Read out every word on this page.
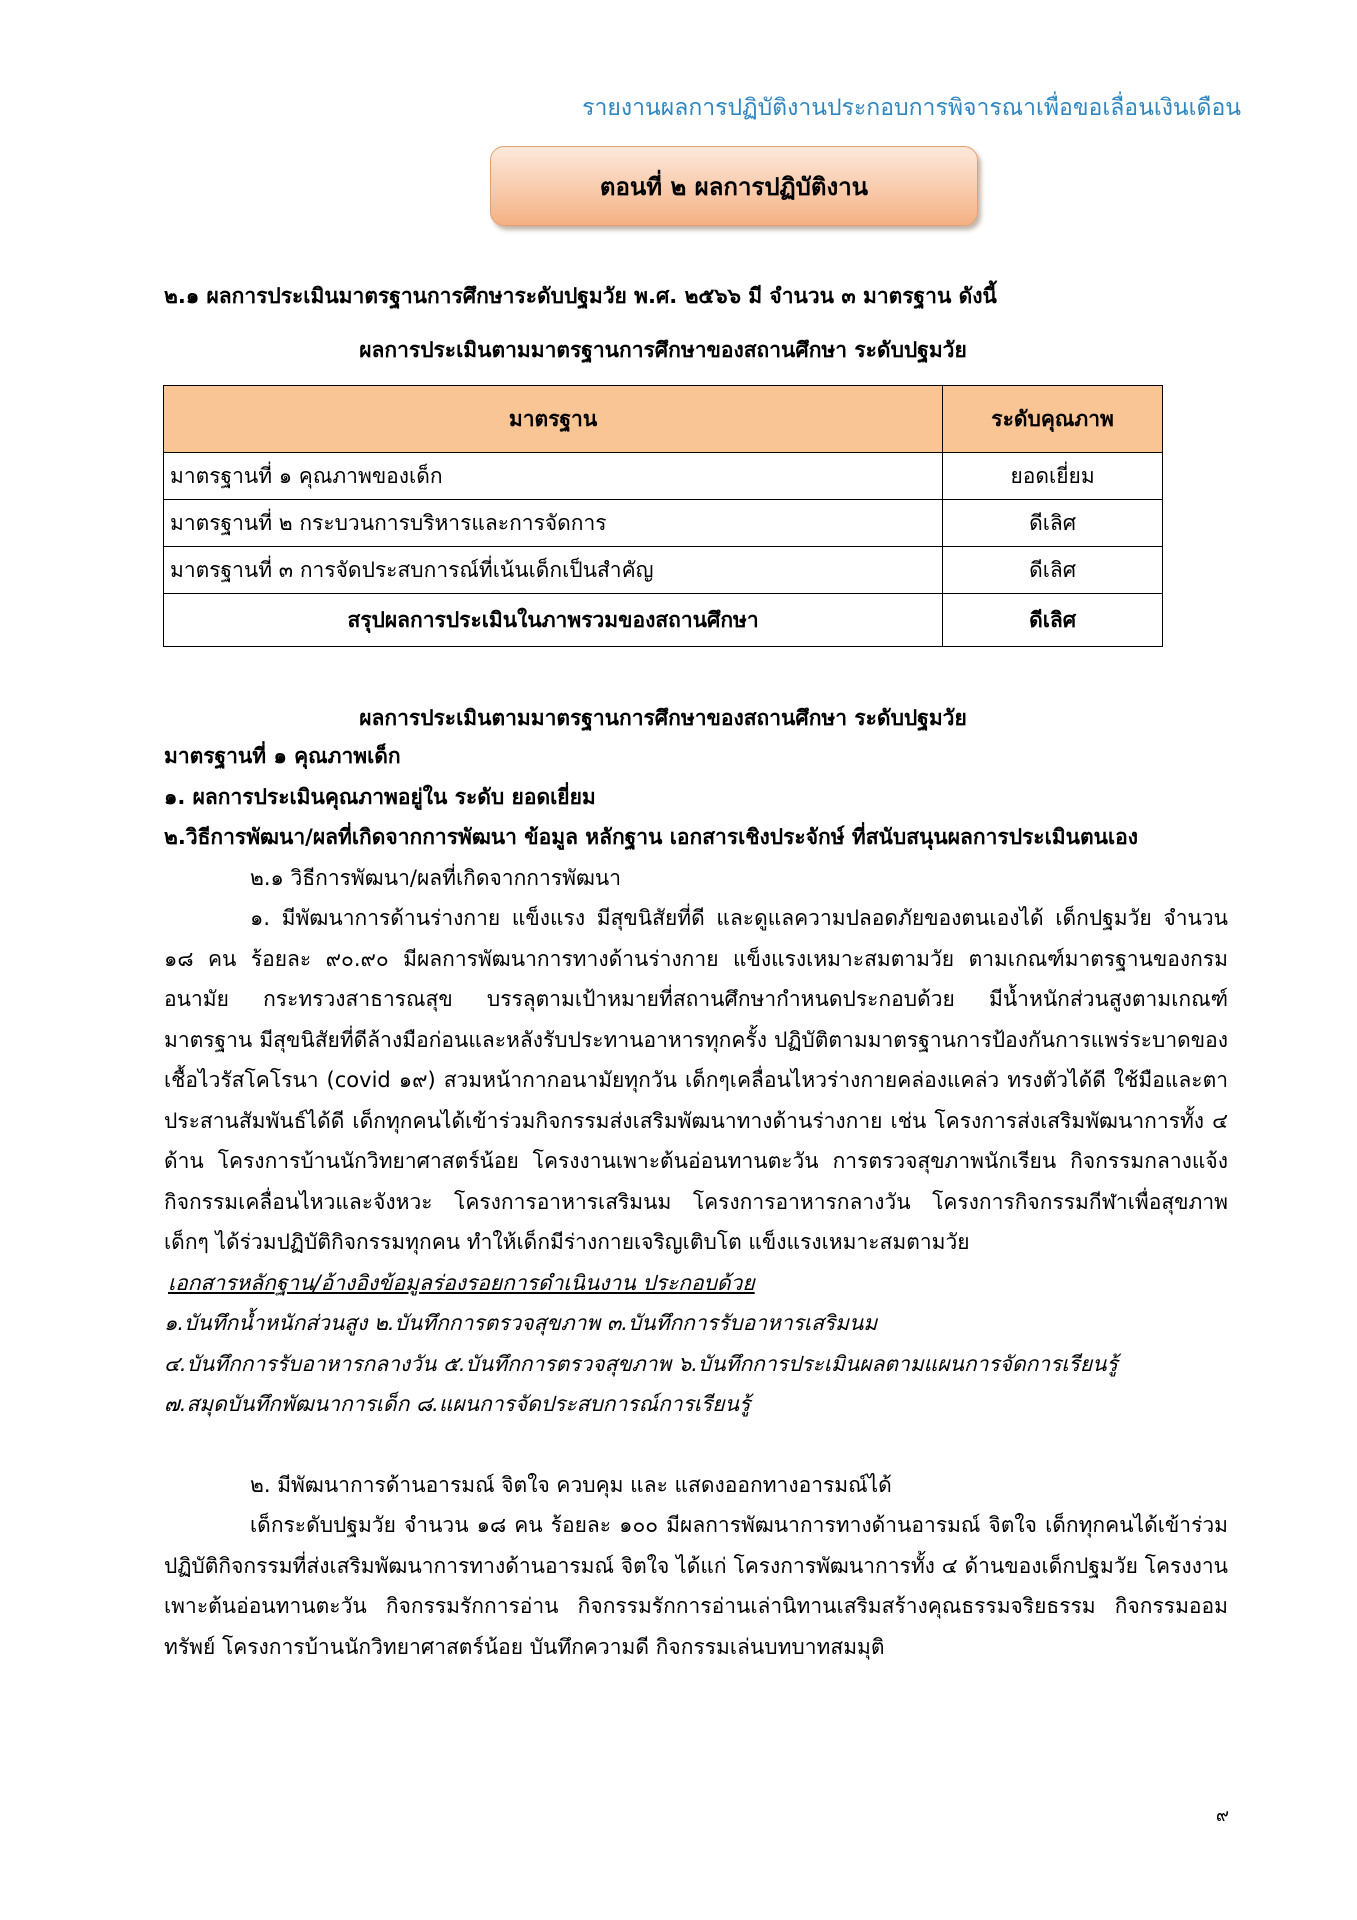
รายงานผลการปฏิบัติงานประกอบการพิจารณาเพื่อขอเลื่อนเงินเดือน
ตอนที่ ๒ ผลการปฏิบัติงาน
๒.๑ ผลการประเมินมาตรฐานการศึกษาระดับปฐมวัย พ.ศ. ๒๕๖๖ มี จำนวน ๓ มาตรฐาน ดังนี้
ผลการประเมินตามมาตรฐานการศึกษาของสถานศึกษา ระดับปฐมวัย
มาตรฐาน	ระดับคุณภาพ
มาตรฐานที่ ๑ คุณภาพของเด็ก	ยอดเยี่ยม
มาตรฐานที่ ๒ กระบวนการบริหารและการจัดการ	ดีเลิศ
มาตรฐานที่ ๓ การจัดประสบการณ์ที่เน้นเด็กเป็นสำคัญ	ดีเลิศ
สรุปผลการประเมินในภาพรวมของสถานศึกษา	ดีเลิศ
ผลการประเมินตามมาตรฐานการศึกษาของสถานศึกษา ระดับปฐมวัย

มาตรฐานที่ ๑ คุณภาพเด็ก

๑. ผลการประเมินคุณภาพอยู่ใน ระดับ ยอดเยี่ยม

๒.วิธีการพัฒนา/ผลที่เกิดจากการพัฒนา ข้อมูล หลักฐาน เอกสารเชิงประจักษ์ ที่สนับสนุนผลการประเมินตนเอง

๒.๑ วิธีการพัฒนา/ผลที่เกิดจากการพัฒนา

๑. มีพัฒนาการด้านร่างกาย แข็งแรง มีสุขนิสัยที่ดี และดูแลความปลอดภัยของตนเองได้ เด็กปฐมวัย จำนวน ๑๘ คน ร้อยละ ๙๐.๙๐ มีผลการพัฒนาการทางด้านร่างกาย แข็งแรงเหมาะสมตามวัย ตามเกณฑ์มาตรฐานของกรมอนามัย กระทรวงสาธารณสุข บรรลุตามเป้าหมายที่สถานศึกษากำหนดประกอบด้วย มีน้ำหนักส่วนสูงตามเกณฑ์มาตรฐาน มีสุขนิสัยที่ดีล้างมือก่อนและหลังรับประทานอาหารทุกครั้ง ปฏิบัติตามมาตรฐานการป้องกันการแพร่ระบาดของเชื้อไวรัสโคโรนา (covid ๑๙) สวมหน้ากากอนามัยทุกวัน เด็กๆเคลื่อนไหวร่างกายคล่องแคล่ว ทรงตัวได้ดี ใช้มือและตาประสานสัมพันธ์ได้ดี เด็กทุกคนได้เข้าร่วมกิจกรรมส่งเสริมพัฒนาทางด้านร่างกาย เช่น โครงการส่งเสริมพัฒนาการทั้ง ๔ ด้าน โครงการบ้านนักวิทยาศาสตร์น้อย โครงงานเพาะต้นอ่อนทานตะวัน การตรวจสุขภาพนักเรียน กิจกรรมกลางแจ้ง กิจกรรมเคลื่อนไหวและจังหวะ โครงการอาหารเสริมนม โครงการอาหารกลางวัน โครงการกิจกรรมกีฬาเพื่อสุขภาพเด็กๆ ได้ร่วมปฏิบัติกิจกรรมทุกคน ทำให้เด็กมีร่างกายเจริญเติบโต แข็งแรงเหมาะสมตามวัย

เอกสารหลักฐาน/อ้างอิงข้อมูลร่องรอยการดำเนินงาน ประกอบด้วย

๑.บันทึกน้ำหนักส่วนสูง ๒.บันทึกการตรวจสุขภาพ ๓.บันทึกการรับอาหารเสริมนม

๔.บันทึกการรับอาหารกลางวัน ๕.บันทึกการตรวจสุขภาพ ๖.บันทึกการประเมินผลตามแผนการจัดการเรียนรู้

๗.สมุดบันทึกพัฒนาการเด็ก ๘.แผนการจัดประสบการณ์การเรียนรู้

๒. มีพัฒนาการด้านอารมณ์ จิตใจ ควบคุม และ แสดงออกทางอารมณ์ได้

เด็กระดับปฐมวัย จำนวน ๑๘ คน ร้อยละ ๑๐๐ มีผลการพัฒนาการทางด้านอารมณ์ จิตใจ เด็กทุกคนได้เข้าร่วมปฏิบัติกิจกรรมที่ส่งเสริมพัฒนาการทางด้านอารมณ์ จิตใจ ได้แก่ โครงการพัฒนาการทั้ง ๔ ด้านของเด็กปฐมวัย โครงงานเพาะต้นอ่อนทานตะวัน กิจกรรมรักการอ่าน กิจกรรมรักการอ่านเล่านิทานเสริมสร้างคุณธรรมจริยธรรม กิจกรรมออมทรัพย์ โครงการบ้านนักวิทยาศาสตร์น้อย บันทึกความดี กิจกรรมเล่นบทบาทสมมุติ

๙
